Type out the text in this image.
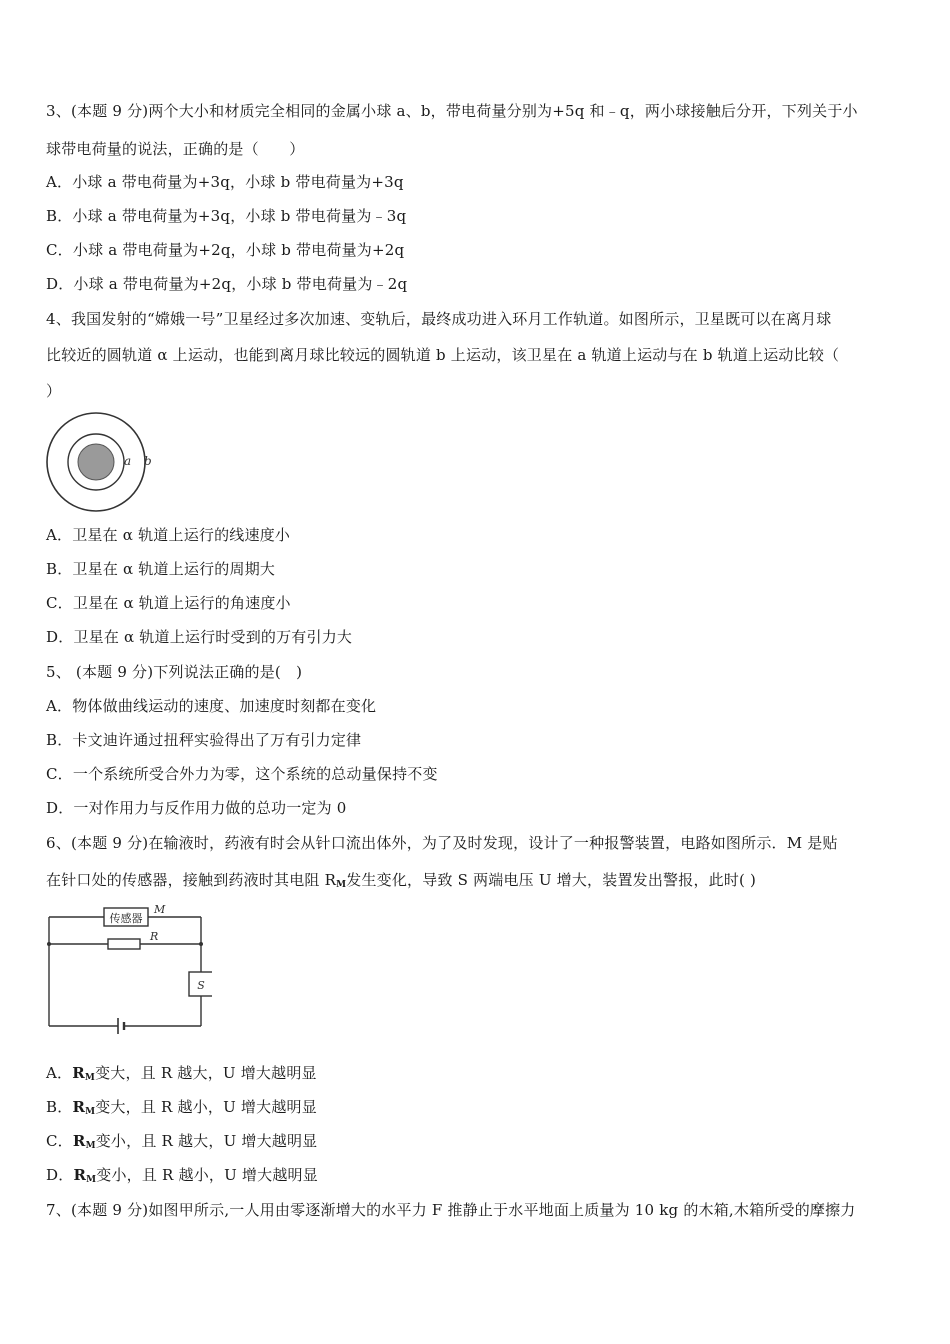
3、(本题 9 分)两个大小和材质完全相同的金属小球 a、b，带电荷量分别为+5q 和﹣q，两小球接触后分开，下列关于小
球带电荷量的说法，正确的是（　　）
A．小球 a 带电荷量为+3q，小球 b 带电荷量为+3q
B．小球 a 带电荷量为+3q，小球 b 带电荷量为﹣3q
C．小球 a 带电荷量为+2q，小球 b 带电荷量为+2q
D．小球 a 带电荷量为+2q，小球 b 带电荷量为﹣2q
4、我国发射的“嫦娥一号”卫星经过多次加速、变轨后，最终成功进入环月工作轨道。如图所示，卫星既可以在离月球
比较近的圆轨道 α 上运动，也能到离月球比较远的圆轨道 b 上运动，该卫星在 a 轨道上运动与在 b 轨道上运动比较（
）
a b
A．卫星在 α 轨道上运行的线速度小
B．卫星在 α 轨道上运行的周期大
C．卫星在 α 轨道上运行的角速度小
D．卫星在 α 轨道上运行时受到的万有引力大
5、 (本题 9 分)下列说法正确的是(　)
A．物体做曲线运动的速度、加速度时刻都在变化
B．卡文迪许通过扭秤实验得出了万有引力定律
C．一个系统所受合外力为零，这个系统的总动量保持不变
D．一对作用力与反作用力做的总功一定为 0
6、(本题 9 分)在输液时，药液有时会从针口流出体外，为了及时发现，设计了一种报警装置，电路如图所示．M 是贴
在针口处的传感器，接触到药液时其电阻 $R_M$发生变化，导致 S 两端电压 U 增大，装置发出警报，此时( )
传感器
M
R
S
A．$R_M$变大，且 R 越大，U 增大越明显
B．$R_M$变大，且 R 越小，U 增大越明显
C．$R_M$变小，且 R 越大，U 增大越明显
D．$R_M$变小，且 R 越小，U 增大越明显
7、(本题 9 分)如图甲所示,一人用由零逐渐增大的水平力 F 推静止于水平地面上质量为 10 kg 的木箱,木箱所受的摩擦力
